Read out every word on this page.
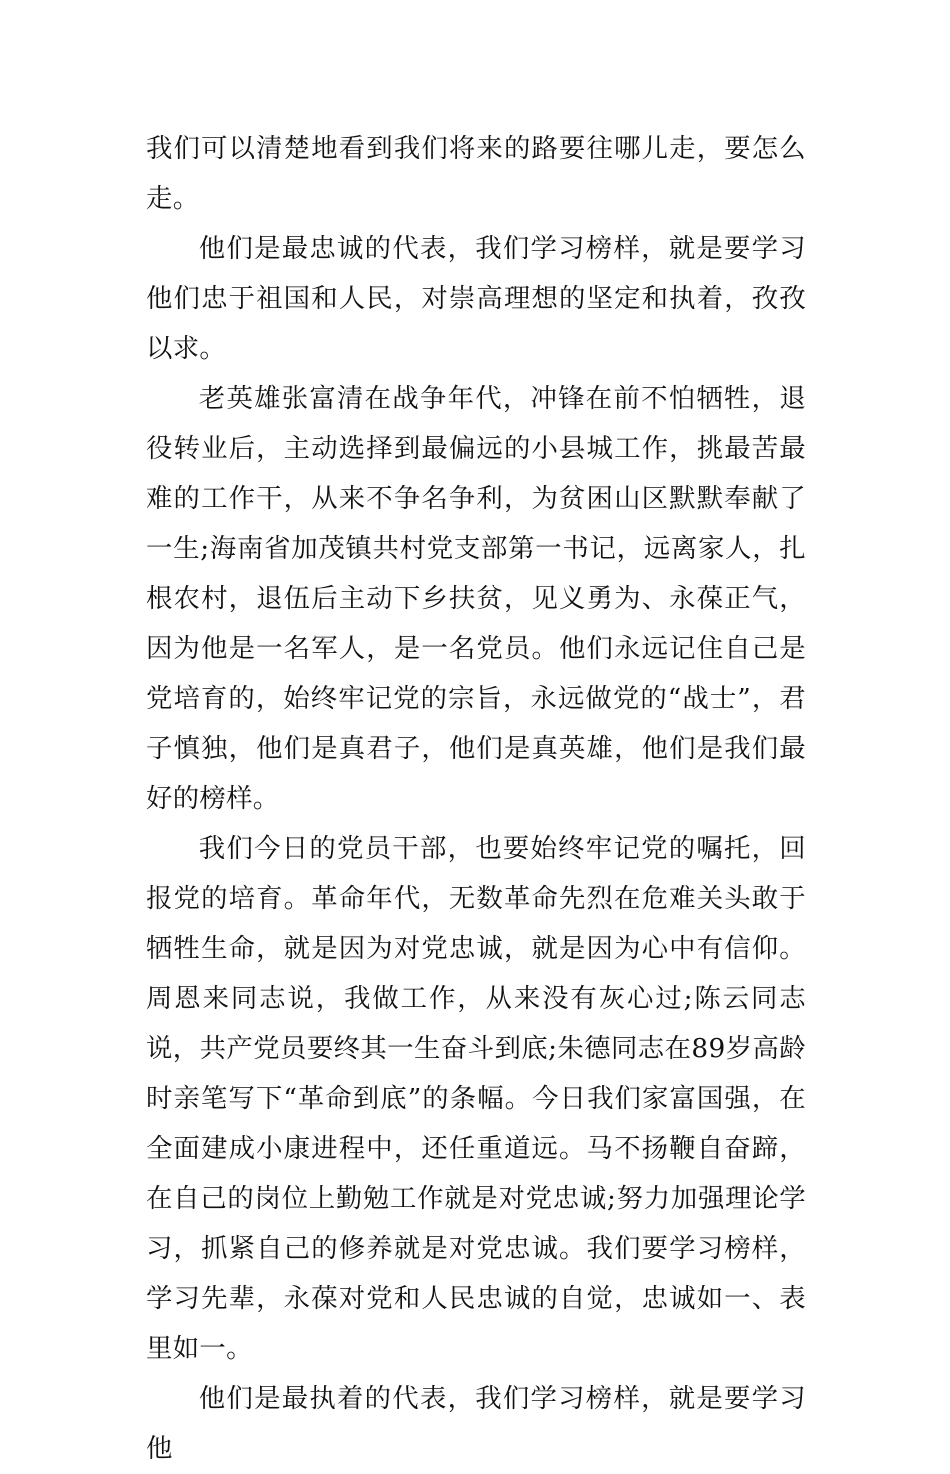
我们可以清楚地看到我们将来的路要往哪儿走，要怎么走。

他们是最忠诚的代表，我们学习榜样，就是要学习他们忠于祖国和人民，对崇高理想的坚定和执着，孜孜以求。

老英雄张富清在战争年代，冲锋在前不怕牺牲，退役转业后，主动选择到最偏远的小县城工作，挑最苦最难的工作干，从来不争名争利，为贫困山区默默奉献了一生;海南省加茂镇共村党支部第一书记，远离家人，扎根农村，退伍后主动下乡扶贫，见义勇为、永葆正气，因为他是一名军人，是一名党员。他们永远记住自己是党培育的，始终牢记党的宗旨，永远做党的“战士”，君子慎独，他们是真君子，他们是真英雄，他们是我们最好的榜样。

我们今日的党员干部，也要始终牢记党的嘱托，回报党的培育。革命年代，无数革命先烈在危难关头敢于牺牲生命，就是因为对党忠诚，就是因为心中有信仰。周恩来同志说，我做工作，从来没有灰心过;陈云同志说，共产党员要终其一生奋斗到底;朱德同志在89岁高龄时亲笔写下“革命到底”的条幅。今日我们家富国强，在全面建成小康进程中，还任重道远。马不扬鞭自奋蹄，在自己的岗位上勤勉工作就是对党忠诚;努力加强理论学习，抓紧自己的修养就是对党忠诚。我们要学习榜样，学习先辈，永葆对党和人民忠诚的自觉，忠诚如一、表里如一。

他们是最执着的代表，我们学习榜样，就是要学习他
